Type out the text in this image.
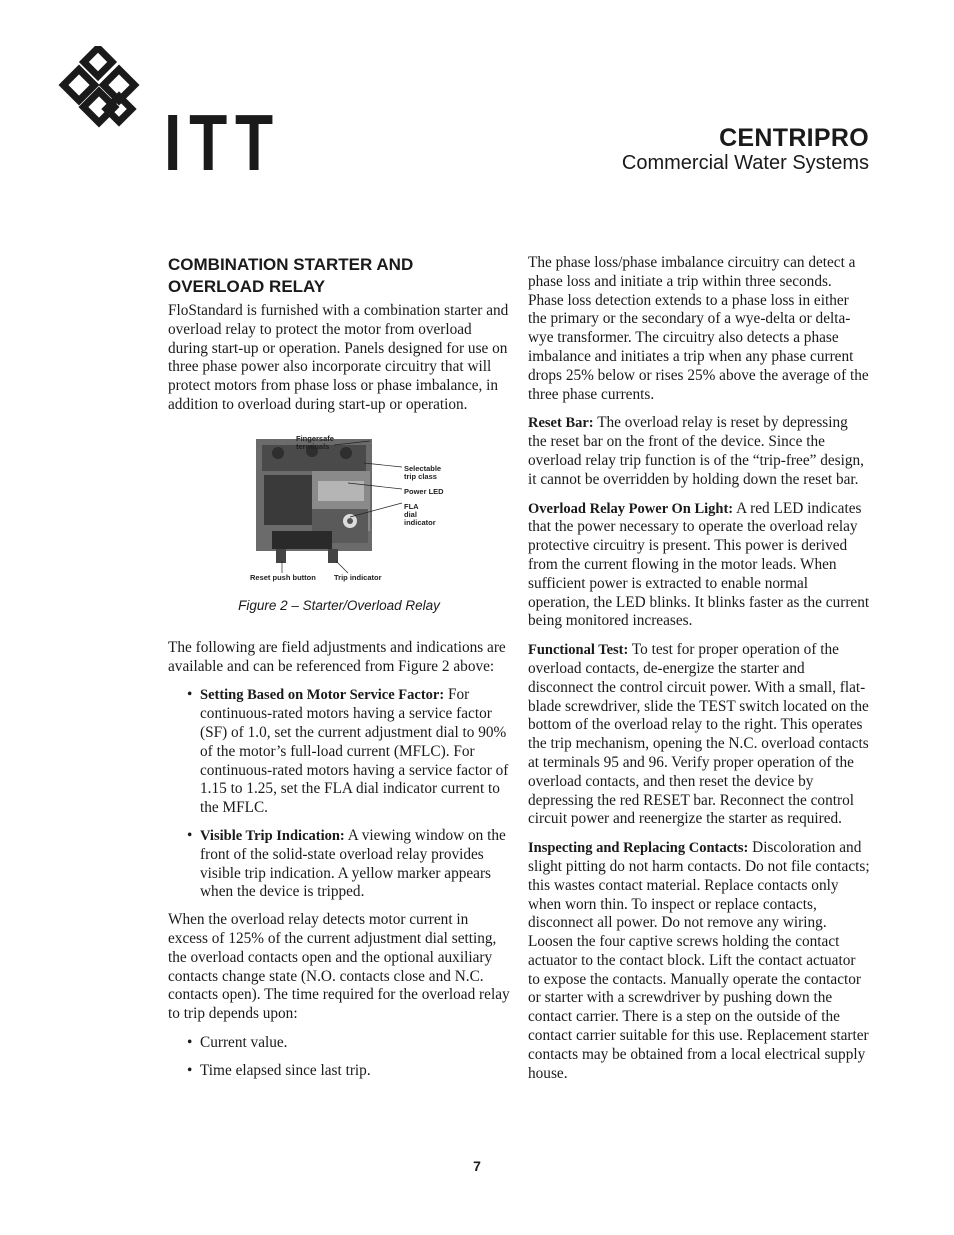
ITT	CENTRIPRO
Commercial Water Systems
COMBINATION STARTER AND
OVERLOAD RELAY

FloStandard is furnished with a combination starter and overload relay to protect the motor from overload during start-up or operation. Panels designed for use on three phase power also incorporate circuitry that will protect motors from phase loss or phase imbalance, in addition to overload during start-up or operation.

Fingersafe
terminals
Selectable
trip class
Power LED
FLA
dial
indicator
Reset push button Trip indicator
Figure 2 – Starter/Overload Relay

The following are field adjustments and indications are available and can be referenced from Figure 2 above:

• Setting Based on Motor Service Factor: For continuous-rated motors having a service factor (SF) of 1.0, set the current adjustment dial to 90% of the motor’s full-load current (MFLC). For continuous-rated motors having a service factor of 1.15 to 1.25, set the FLA dial indicator current to the MFLC.
• Visible Trip Indication: A viewing window on the front of the solid-state overload relay provides visible trip indication. A yellow marker appears when the device is tripped.

When the overload relay detects motor current in excess of 125% of the current adjustment dial setting, the overload contacts open and the optional auxiliary contacts change state (N.O. contacts close and N.C. contacts open). The time required for the overload relay to trip depends upon:

• Current value.
• Time elapsed since last trip.

The phase loss/phase imbalance circuitry can detect a phase loss and initiate a trip within three seconds. Phase loss detection extends to a phase loss in either the primary or the secondary of a wye-delta or delta-wye transformer. The circuitry also detects a phase imbalance and initiates a trip when any phase current drops 25% below or rises 25% above the average of the three phase currents.

Reset Bar: The overload relay is reset by depressing the reset bar on the front of the device. Since the overload relay trip function is of the “trip-free” design, it cannot be overridden by holding down the reset bar.

Overload Relay Power On Light: A red LED indicates that the power necessary to operate the overload relay protective circuitry is present. This power is derived from the current flowing in the motor leads. When sufficient power is extracted to enable normal operation, the LED blinks. It blinks faster as the current being monitored increases.

Functional Test: To test for proper operation of the overload contacts, de-energize the starter and disconnect the control circuit power. With a small, flat-blade screwdriver, slide the TEST switch located on the bottom of the overload relay to the right. This operates the trip mechanism, opening the N.C. overload contacts at terminals 95 and 96. Verify proper operation of the overload contacts, and then reset the device by depressing the red RESET bar. Reconnect the control circuit power and reenergize the starter as required.

Inspecting and Replacing Contacts: Discoloration and slight pitting do not harm contacts. Do not file contacts; this wastes contact material. Replace contacts only when worn thin. To inspect or replace contacts, disconnect all power. Do not remove any wiring. Loosen the four captive screws holding the contact actuator to the contact block. Lift the contact actuator to expose the contacts. Manually operate the contactor or starter with a screwdriver by pushing down the contact carrier. There is a step on the outside of the contact carrier suitable for this use. Replacement starter contacts may be obtained from a local electrical supply house.

7
